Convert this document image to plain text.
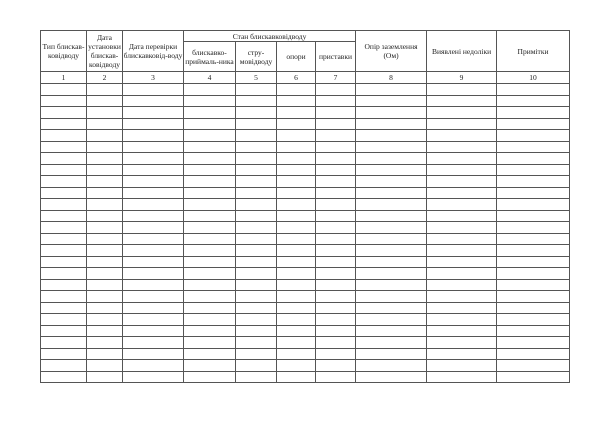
Тип блискав-ковідводу	Дата установки блискав-ковідводу	Дата перевірки блискавковід-воду	Стан блискавковідводу				Опір заземлення (Ом)	Виявлені недоліки	Примітки
			блискавко-приймаль-ника	стру-мовідводу	опори	приставки			
1	2	3	4	5	6	7	8	9	10
